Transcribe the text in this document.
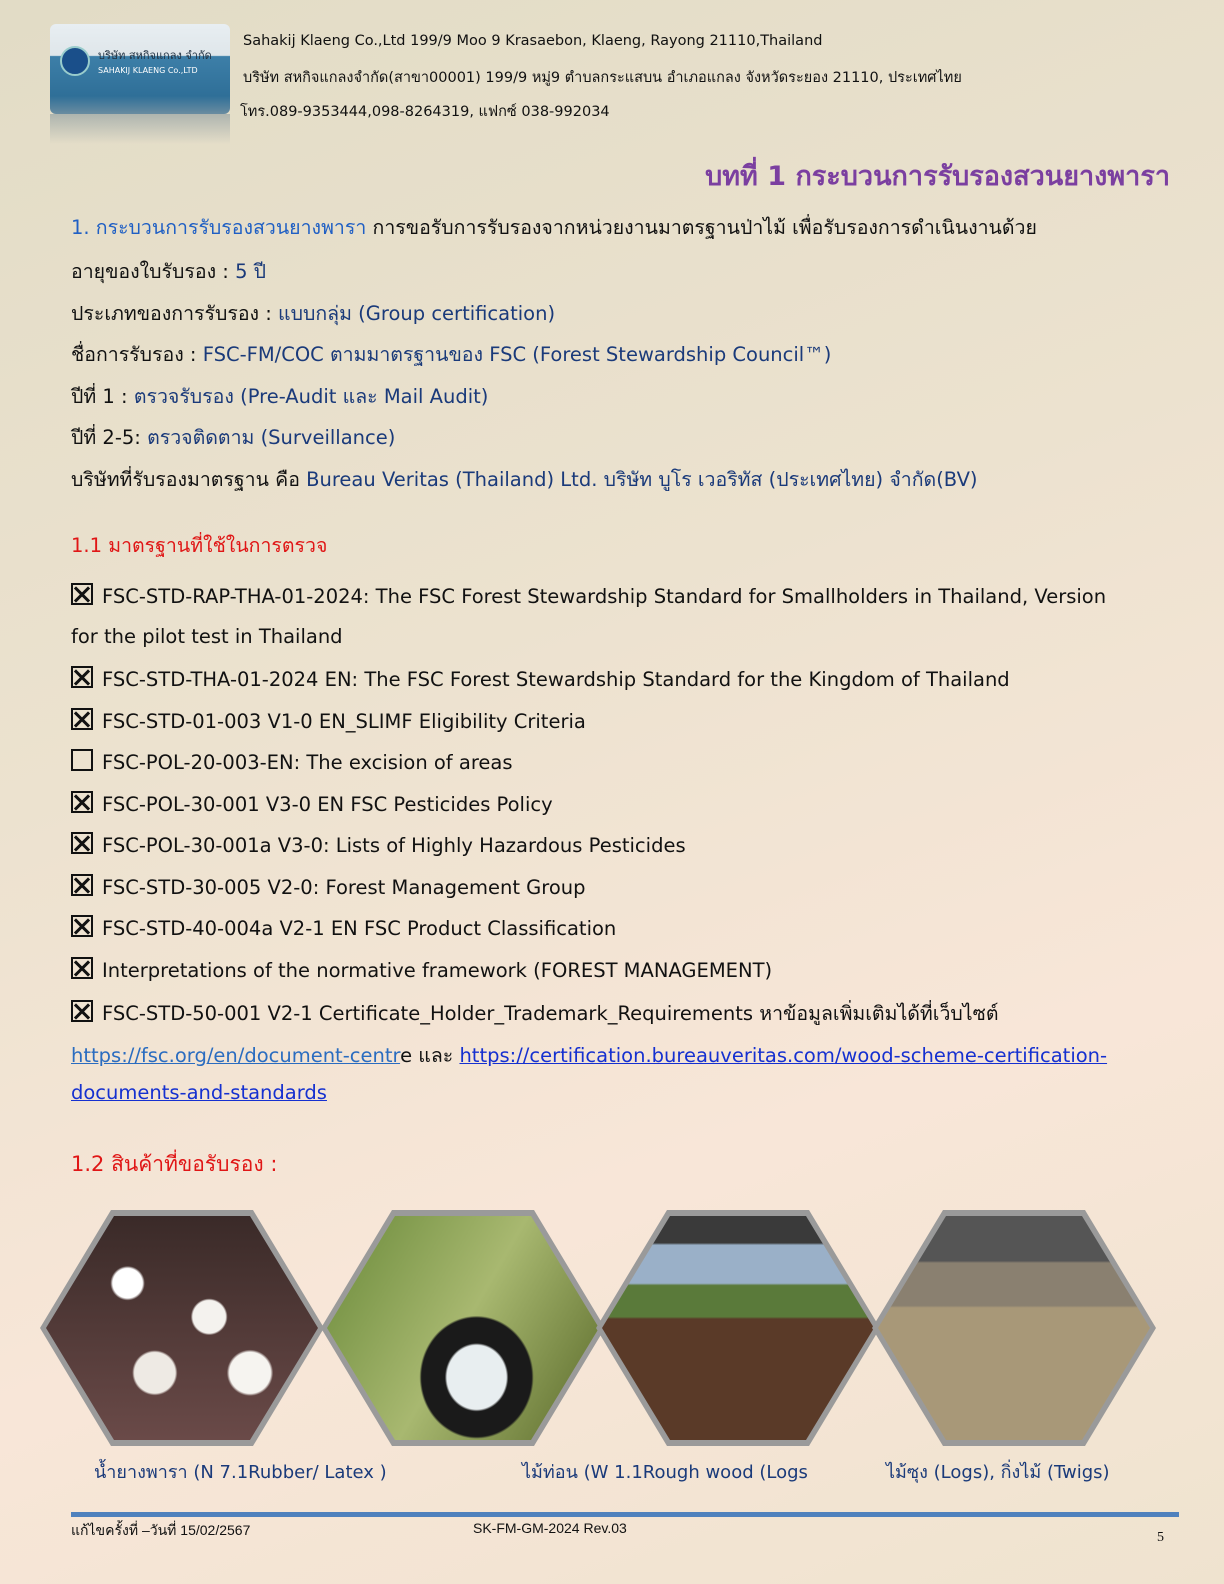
บริษัท สหกิจแกลง จำกัด
SAHAKIJ KLAENG Co.,LTD
Sahakij Klaeng Co.,Ltd 199/9 Moo 9 Krasaebon, Klaeng, Rayong 21110,Thailand
บริษัท สหกิจแกลงจำกัด(สาขา00001) 199/9 หมู่9 ตำบลกระแสบน อำเภอแกลง จังหวัดระยอง 21110, ประเทศไทย
โทร.089-9353444,098-8264319, แฟกซ์ 038-992034
บทที่ 1 กระบวนการรับรองสวนยางพารา
1. กระบวนการรับรองสวนยางพารา การขอรับการรับรองจากหน่วยงานมาตรฐานป่าไม้ เพื่อรับรองการดำเนินงานด้วย
อายุของใบรับรอง : 5 ปี
ประเภทของการรับรอง : แบบกลุ่ม (Group certification)
ชื่อการรับรอง : FSC-FM/COC ตามมาตรฐานของ FSC (Forest Stewardship Council™)
ปีที่ 1 : ตรวจรับรอง (Pre-Audit และ Mail Audit)
ปีที่ 2-5: ตรวจติดตาม (Surveillance)
บริษัทที่รับรองมาตรฐาน คือ Bureau Veritas (Thailand) Ltd. บริษัท บูโร เวอริทัส (ประเทศไทย) จำกัด(BV)
1.1 มาตรฐานที่ใช้ในการตรวจ
FSC-STD-RAP-THA-01-2024: The FSC Forest Stewardship Standard for Smallholders in Thailand, Version
for the pilot test in Thailand
FSC-STD-THA-01-2024 EN: The FSC Forest Stewardship Standard for the Kingdom of Thailand
FSC-STD-01-003 V1-0 EN_SLIMF Eligibility Criteria
FSC-POL-20-003-EN: The excision of areas
FSC-POL-30-001 V3-0 EN FSC Pesticides Policy
FSC-POL-30-001a V3-0: Lists of Highly Hazardous Pesticides
FSC-STD-30-005 V2-0: Forest Management Group
FSC-STD-40-004a V2-1 EN FSC Product Classification
Interpretations of the normative framework (FOREST MANAGEMENT)
FSC-STD-50-001 V2-1 Certificate_Holder_Trademark_Requirements หาข้อมูลเพิ่มเติมได้ที่เว็บไซต์
https://fsc.org/en/document-centre และ https://certification.bureauveritas.com/wood-scheme-certification-
documents-and-standards
1.2 สินค้าที่ขอรับรอง :
น้ำยางพารา (N 7.1Rubber/ Latex )	ไม้ท่อน (W 1.1Rough wood (Logs	ไม้ซุง (Logs), กิ่งไม้ (Twigs)
แก้ไขครั้งที่ –วันที่ 15/02/2567	SK-FM-GM-2024 Rev.03
5
